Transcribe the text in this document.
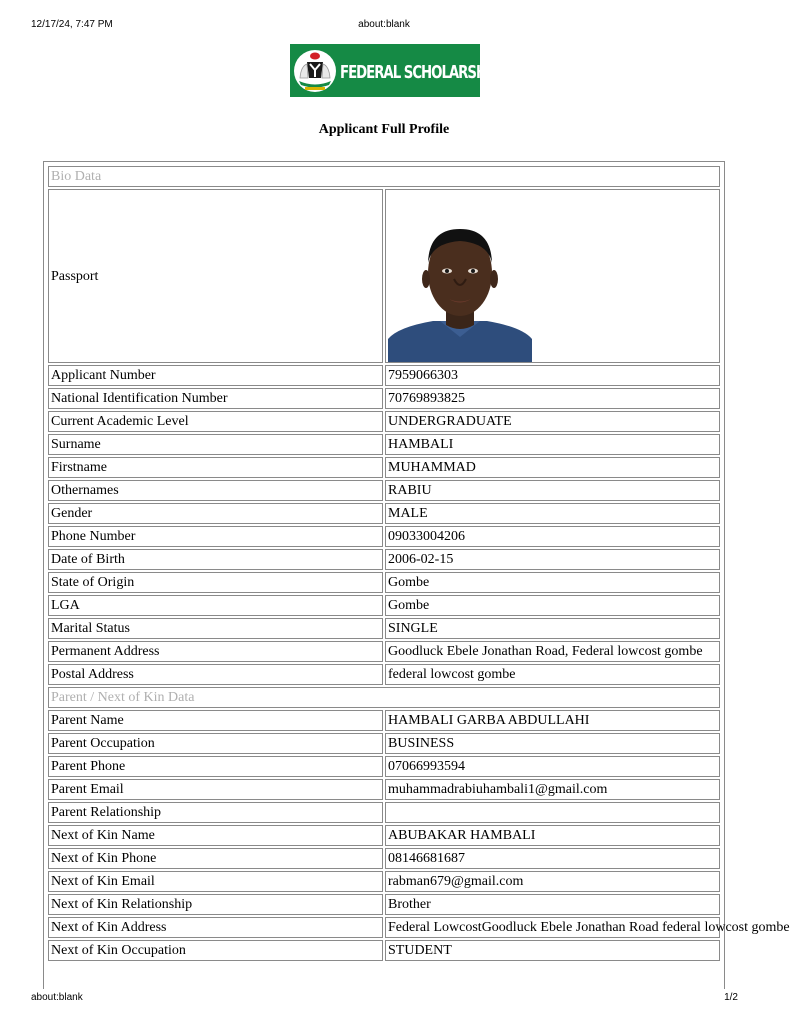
12/17/24, 7:47 PM	about:blank
FEDERAL SCHOLARSHIP BOARD
Applicant Full Profile
Bio Data	
Passport	

Applicant Number	7959066303
National Identification Number	70769893825
Current Academic Level	UNDERGRADUATE
Surname	HAMBALI
Firstname	MUHAMMAD
Othernames	RABIU
Gender	MALE
Phone Number	09033004206
Date of Birth	2006-02-15
State of Origin	Gombe
LGA	Gombe
Marital Status	SINGLE
Permanent Address	Goodluck Ebele Jonathan Road, Federal lowcost gombe
Postal Address	federal lowcost gombe
Parent / Next of Kin Data	
Parent Name	HAMBALI GARBA ABDULLAHI
Parent Occupation	BUSINESS
Parent Phone	07066993594
Parent Email	muhammadrabiuhambali1@gmail.com
Parent Relationship	
Next of Kin Name	ABUBAKAR HAMBALI
Next of Kin Phone	08146681687
Next of Kin Email	rabman679@gmail.com
Next of Kin Relationship	Brother
Next of Kin Address	Federal LowcostGoodluck Ebele Jonathan Road federal lowcost gombe
Next of Kin Occupation	STUDENT
about:blank	1/2
